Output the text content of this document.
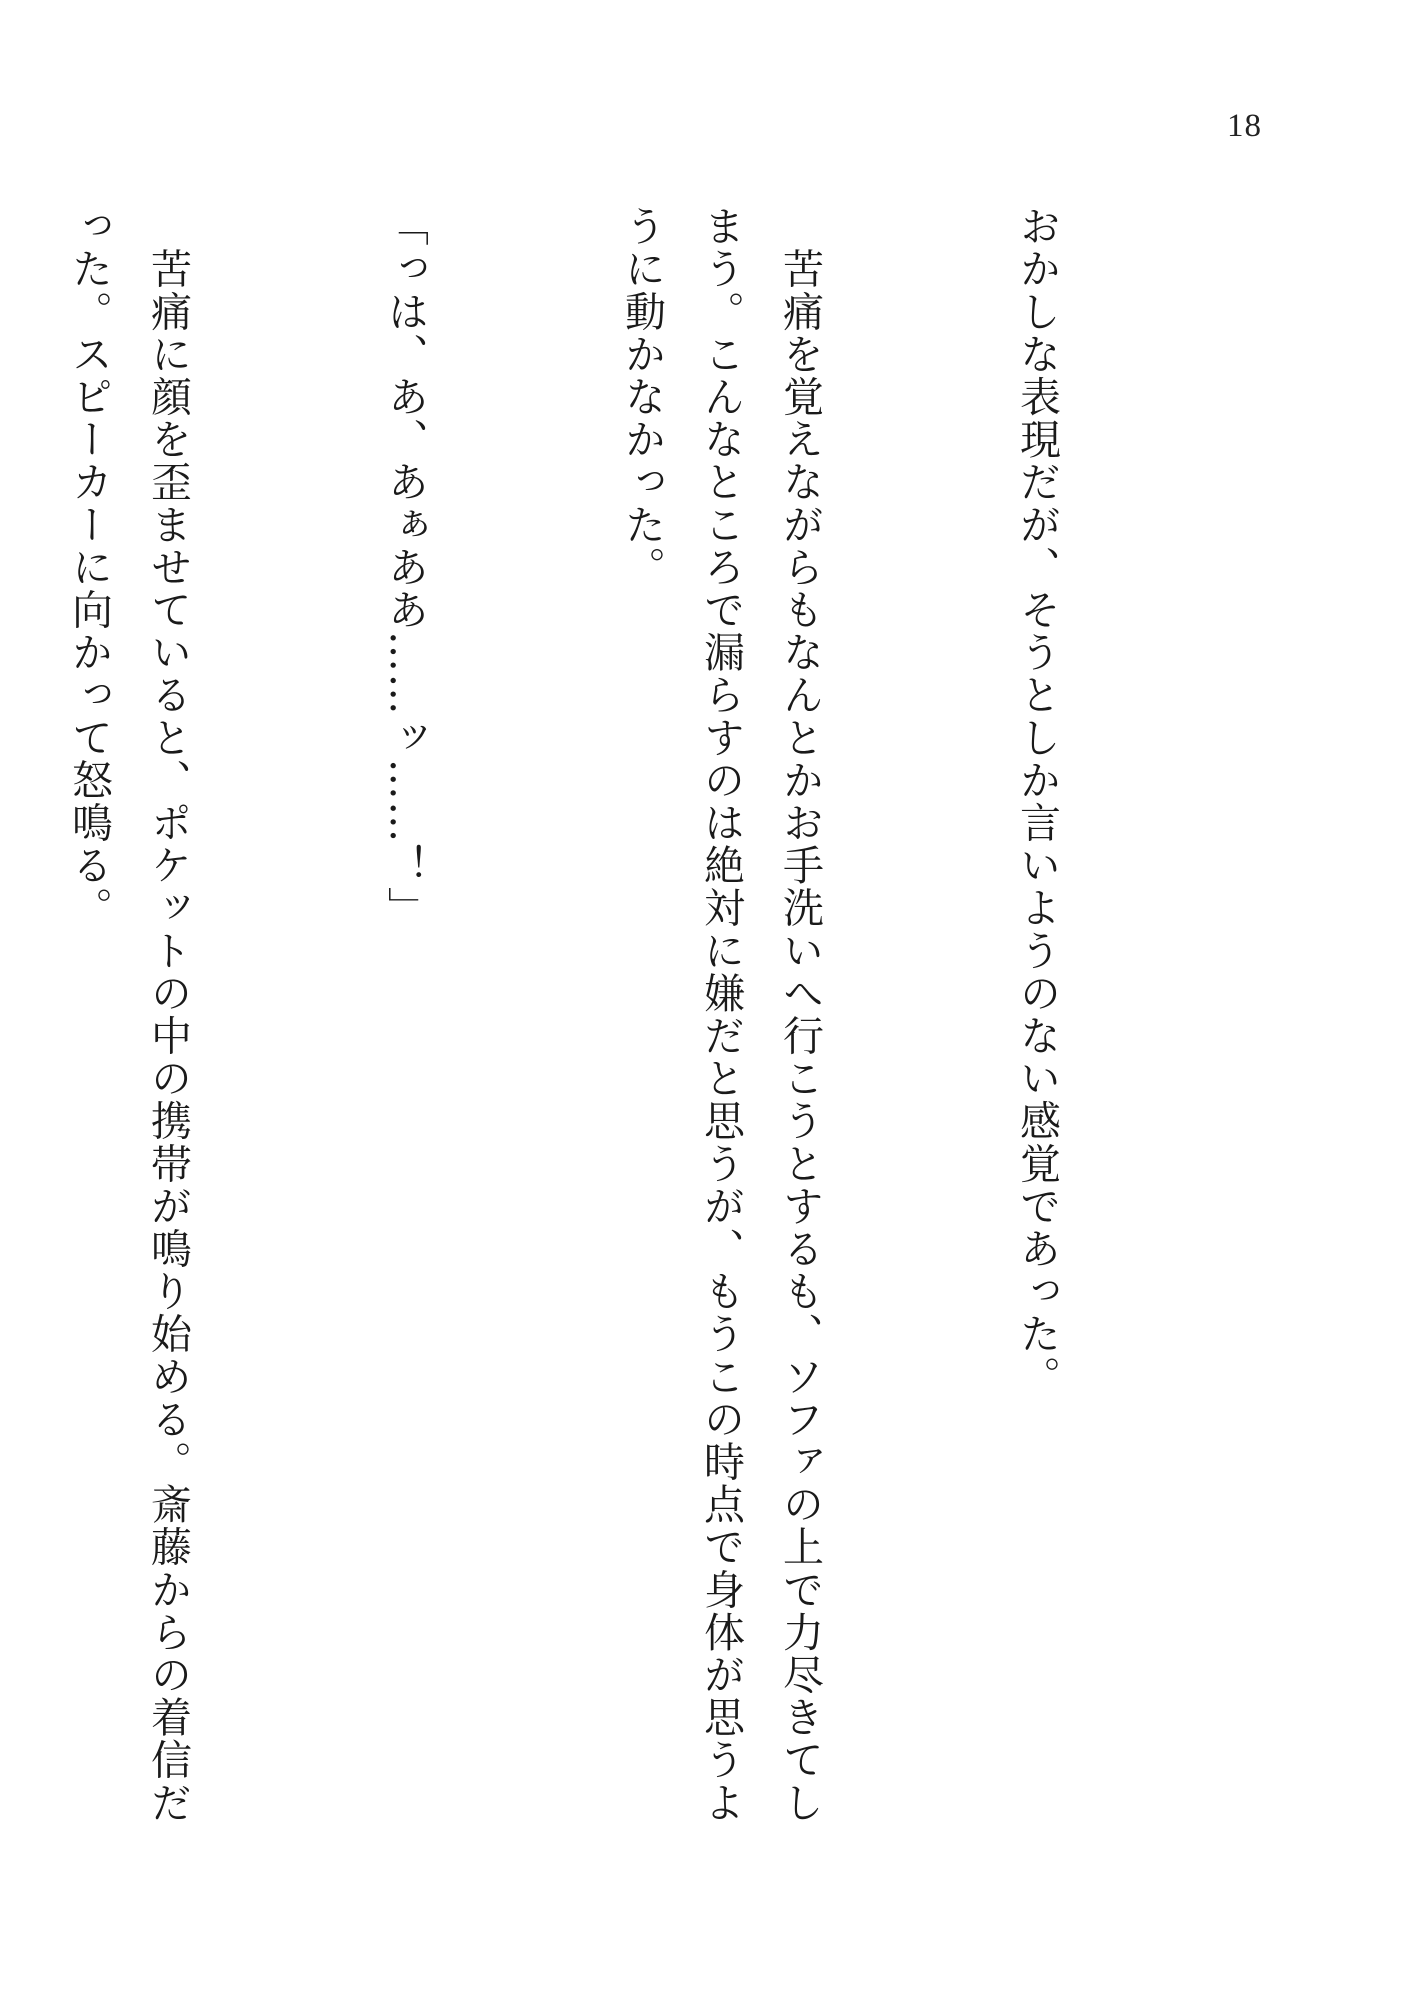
18

おかしな表現だが、そうとしか言いようのない感覚であった。

　苦痛を覚えながらもなんとかお手洗いへ行こうとするも、ソファの上で力尽きてしまう。こんなところで漏らすのは絶対に嫌だと思うが、もうこの時点で身体が思うように動かなかった。

「っは、あ、あぁああ……ッ……！」

　苦痛に顔を歪ませていると、ポケットの中の携帯が鳴り始める。斎藤からの着信だった。スピーカーに向かって怒鳴る。
